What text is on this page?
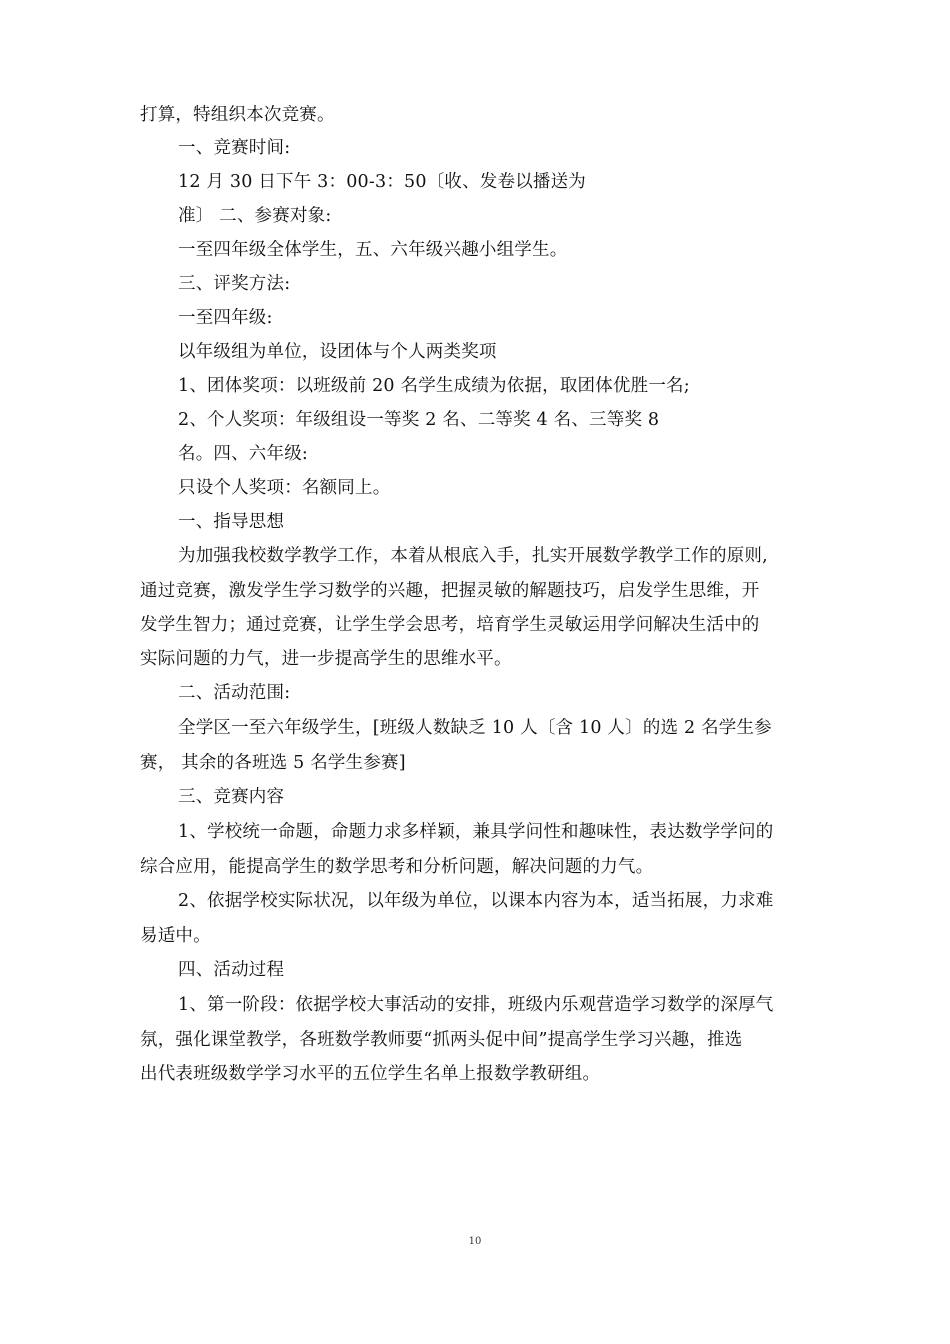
打算，特组织本次竞赛。
一、竞赛时间:
12 月 30 日下午 3：00-3：50〔收、发卷以播送为
准〕 二、参赛对象:
一至四年级全体学生，五、六年级兴趣小组学生。
三、评奖方法:
一至四年级:
以年级组为单位，设团体与个人两类奖项
1、团体奖项：以班级前 20 名学生成绩为依据，取团体优胜一名;
2、个人奖项：年级组设一等奖 2 名、二等奖 4 名、三等奖 8
名。四、六年级:
只设个人奖项：名额同上。
一、指导思想
为加强我校数学教学工作，本着从根底入手，扎实开展数学教学工作的原则,
通过竞赛，激发学生学习数学的兴趣，把握灵敏的解题技巧，启发学生思维，开
发学生智力；通过竞赛，让学生学会思考，培育学生灵敏运用学问解决生活中的
实际问题的力气，进一步提高学生的思维水平。
二、活动范围:
全学区一至六年级学生，[班级人数缺乏 10 人〔含 10 人〕的选 2 名学生参
赛， 其余的各班选 5 名学生参赛]
三、竞赛内容
1、学校统一命题，命题力求多样颖，兼具学问性和趣味性，表达数学学问的
综合应用，能提高学生的数学思考和分析问题，解决问题的力气。
2、依据学校实际状况，以年级为单位，以课本内容为本，适当拓展，力求难
易适中。
四、活动过程
1、第一阶段：依据学校大事活动的安排，班级内乐观营造学习数学的深厚气
氛，强化课堂教学，各班数学教师要“抓两头促中间”提高学生学习兴趣，推选
出代表班级数学学习水平的五位学生名单上报数学教研组。
10
